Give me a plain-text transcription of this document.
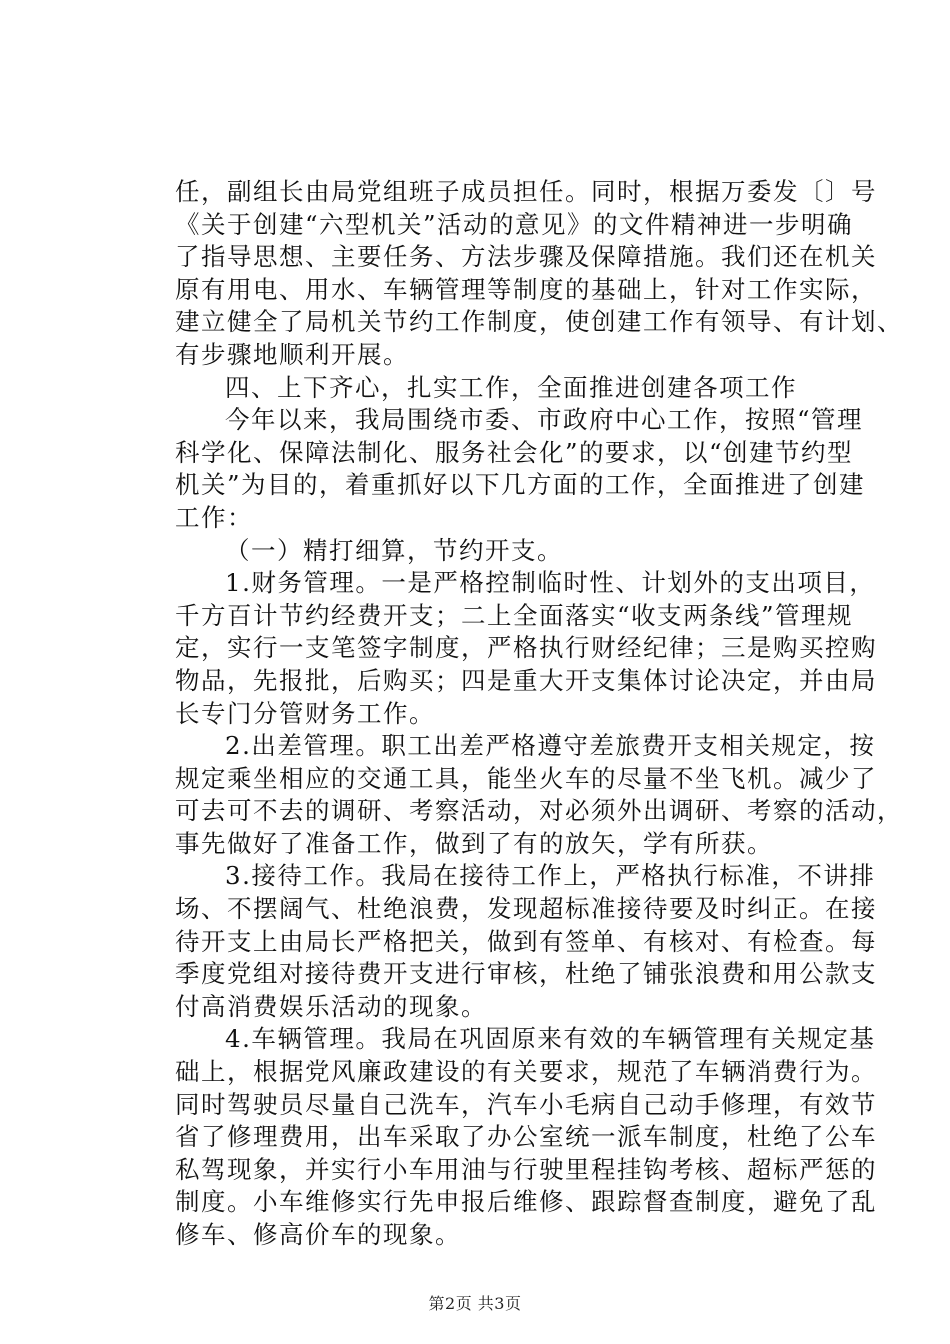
任，副组长由局党组班子成员担任。同时，根据万委发〔〕号
《关于创建“六型机关”活动的意见》的文件精神进一步明确
了指导思想、主要任务、方法步骤及保障措施。我们还在机关
原有用电、用水、车辆管理等制度的基础上，针对工作实际，
建立健全了局机关节约工作制度，使创建工作有领导、有计划、
有步骤地顺利开展。
四、上下齐心，扎实工作，全面推进创建各项工作
今年以来，我局围绕市委、市政府中心工作，按照“管理
科学化、保障法制化、服务社会化”的要求，以“创建节约型
机关”为目的，着重抓好以下几方面的工作，全面推进了创建
工作：
（一）精打细算，节约开支。
1.财务管理。一是严格控制临时性、计划外的支出项目，
千方百计节约经费开支；二上全面落实“收支两条线”管理规
定，实行一支笔签字制度，严格执行财经纪律；三是购买控购
物品，先报批，后购买；四是重大开支集体讨论决定，并由局
长专门分管财务工作。
2.出差管理。职工出差严格遵守差旅费开支相关规定，按
规定乘坐相应的交通工具，能坐火车的尽量不坐飞机。减少了
可去可不去的调研、考察活动，对必须外出调研、考察的活动，
事先做好了准备工作，做到了有的放矢，学有所获。
3.接待工作。我局在接待工作上，严格执行标准，不讲排
场、不摆阔气、杜绝浪费，发现超标准接待要及时纠正。在接
待开支上由局长严格把关，做到有签单、有核对、有检查。每
季度党组对接待费开支进行审核，杜绝了铺张浪费和用公款支
付高消费娱乐活动的现象。
4.车辆管理。我局在巩固原来有效的车辆管理有关规定基
础上，根据党风廉政建设的有关要求，规范了车辆消费行为。
同时驾驶员尽量自己洗车，汽车小毛病自己动手修理，有效节
省了修理费用，出车采取了办公室统一派车制度，杜绝了公车
私驾现象，并实行小车用油与行驶里程挂钩考核、超标严惩的
制度。小车维修实行先申报后维修、跟踪督查制度，避免了乱
修车、修高价车的现象。
第2页 共3页
